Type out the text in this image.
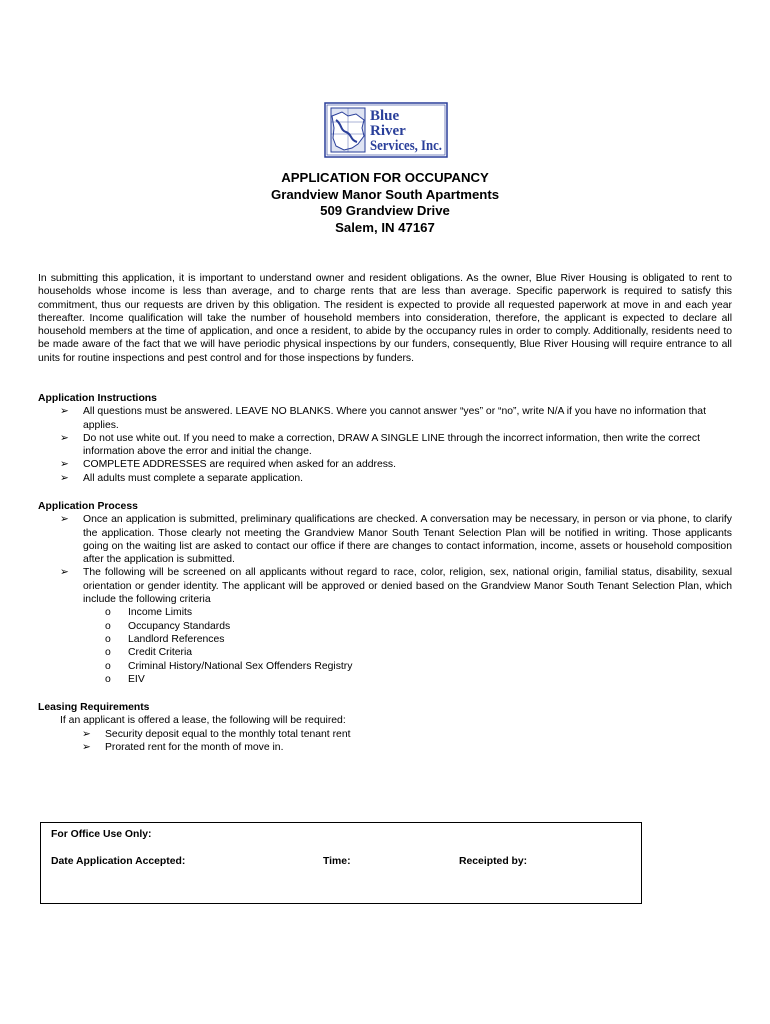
Blue
River
Services, Inc.
APPLICATION FOR OCCUPANCY
Grandview Manor South Apartments
509 Grandview Drive
Salem, IN 47167
In submitting this application, it is important to understand owner and resident obligations. As the owner, Blue River Housing is obligated to rent to households whose income is less than average, and to charge rents that are less than average. Specific paperwork is required to satisfy this commitment, thus our requests are driven by this obligation. The resident is expected to provide all requested paperwork at move in and each year thereafter. Income qualification will take the number of household members into consideration, therefore, the applicant is expected to declare all household members at the time of application, and once a resident, to abide by the occupancy rules in order to comply. Additionally, residents need to be made aware of the fact that we will have periodic physical inspections by our funders, consequently, Blue River Housing will require entrance to all units for routine inspections and pest control and for those inspections by funders.
Application Instructions
➢ All questions must be answered. LEAVE NO BLANKS. Where you cannot answer “yes” or “no”, write N/A if you have no information that applies.
➢ Do not use white out. If you need to make a correction, DRAW A SINGLE LINE through the incorrect information, then write the correct information above the error and initial the change.
➢ COMPLETE ADDRESSES are required when asked for an address.
➢ All adults must complete a separate application.
Application Process
➢ Once an application is submitted, preliminary qualifications are checked. A conversation may be necessary, in person or via phone, to clarify the application. Those clearly not meeting the Grandview Manor South Tenant Selection Plan will be notified in writing. Those applicants going on the waiting list are asked to contact our office if there are changes to contact information, income, assets or household composition after the application is submitted.
➢ The following will be screened on all applicants without regard to race, color, religion, sex, national origin, familial status, disability, sexual orientation or gender identity. The applicant will be approved or denied based on the Grandview Manor South Tenant Selection Plan, which include the following criteria
o Income Limits
o Occupancy Standards
o Landlord References
o Credit Criteria
o Criminal History/National Sex Offenders Registry
o EIV
Leasing Requirements
If an applicant is offered a lease, the following will be required:
➢ Security deposit equal to the monthly total tenant rent
➢ Prorated rent for the month of move in.
For Office Use Only:
Date Application Accepted:	Time:	Receipted by:
